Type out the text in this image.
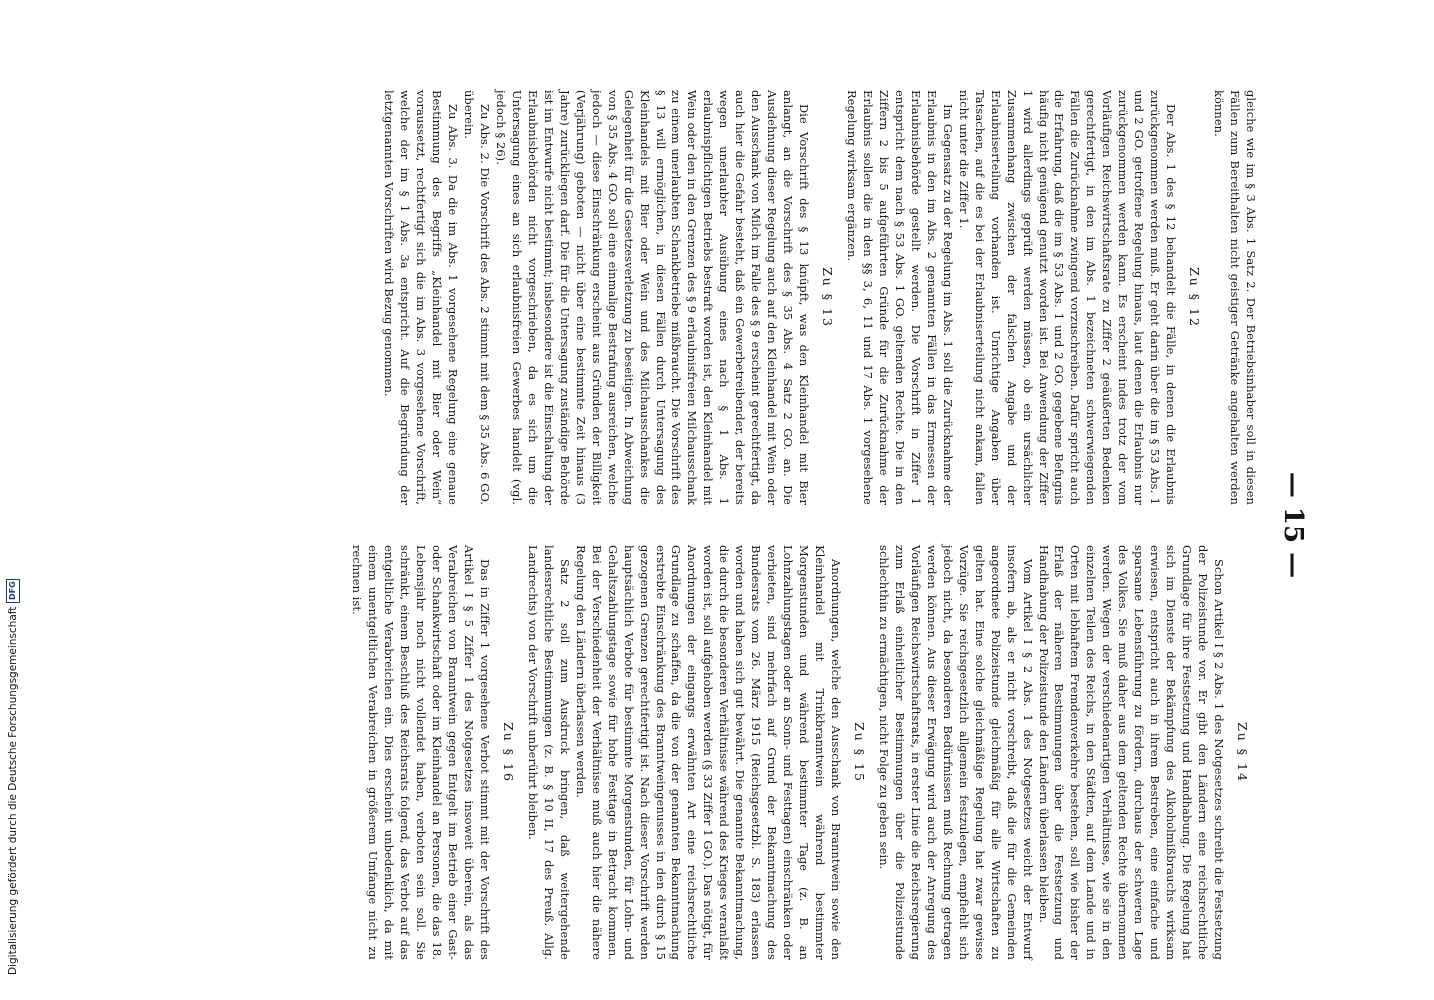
— 15 —

gleiche wie im § 3 Abs. 1 Satz 2. Der Betriebsinhaber soll in diesen Fällen zum Bereithalten nicht geistiger Getränke angehalten werden können.

Zu § 12

Der Abs. 1 des § 12 behandelt die Fälle, in denen die Erlaubnis zurückgenommen werden muß. Er geht darin über die im § 53 Abs. 1 und 2 GO. getroffene Regelung hinaus, laut denen die Erlaubnis nur zurückgenommen werden kann. Es erscheint indes trotz der vom Vorläufigen Reichswirtschaftsrate zu Ziffer 2 geäußerten Bedenken gerechtfertigt, in den im Abs. 1 bezeichneten schwerwiegenden Fällen die Zurücknahme zwingend vorzuschreiben. Dafür spricht auch die Erfahrung, daß die im § 53 Abs. 1 und 2 GO. gegebene Befugnis häufig nicht genügend genutzt worden ist. Bei Anwendung der Ziffer 1 wird allerdings geprüft werden müssen, ob ein ursächlicher Zusammenhang zwischen der falschen Angabe und der Erlaubniserteilung vorhanden ist. Unrichtige Angaben über Tatsachen, auf die es bei der Erlaubniserteilung nicht ankam, fallen nicht unter die Ziffer 1.

Im Gegensatz zu der Regelung im Abs. 1 soll die Zurücknahme der Erlaubnis in den im Abs. 2 genannten Fällen in das Ermessen der Erlaubnisbehörde gestellt werden. Die Vorschrift in Ziffer 1 entspricht dem nach § 53 Abs. 1 GO. geltenden Rechte. Die in den Ziffern 2 bis 5 aufgeführten Gründe für die Zurücknahme der Erlaubnis sollen die in den §§ 3, 6, 11 und 17 Abs. 1 vorgesehene Regelung wirksam ergänzen.

Zu § 13

Die Vorschrift des § 13 knüpft, was den Kleinhandel mit Bier anlangt, an die Vorschrift des § 35 Abs. 4 Satz 2 GO. an. Die Ausdehnung dieser Regelung auch auf den Kleinhandel mit Wein oder den Ausschank von Milch im Falle des § 9 erscheint gerechtfertigt, da auch hier die Gefahr besteht, daß ein Gewerbetreibender, der bereits wegen unerlaubter Ausübung eines nach § 1 Abs. 1 erlaubnispflichtigen Betriebs bestraft worden ist, den Kleinhandel mit Wein oder den in den Grenzen des § 9 erlaubnisfreien Milchausschank zu einem unerlaubten Schankbetriebe mißbraucht. Die Vorschrift des § 13 will ermöglichen, in diesen Fällen durch Untersagung des Kleinhandels mit Bier oder Wein und des Milchausschankes die Gelegenheit für die Gesetzesverletzung zu beseitigen. In Abweichung von § 35 Abs. 4 GO. soll eine einmalige Bestrafung ausreichen, welche jedoch — diese Einschränkung erscheint aus Gründen der Billigkeit (Verjährung) geboten — nicht über eine bestimmte Zeit hinaus (3 Jahre) zurückliegen darf. Die für die Untersagung zuständige Behörde ist im Entwurfe nicht bestimmt; insbesondere ist die Einschaltung der Erlaubnisbehörden nicht vorgeschrieben, da es sich um die Untersagung eines an sich erlaubnisfreien Gewerbes handelt (vgl. jedoch § 26).

Zu Abs. 2. Die Vorschrift des Abs. 2 stimmt mit dem § 35 Abs. 6 GO. überein.

Zu Abs. 3. Da die im Abs. 1 vorgesehene Regelung eine genaue Bestimmung des Begriffs „Kleinhandel mit Bier oder Wein“ voraussetzt, rechtfertigt sich die im Abs. 3 vorgesehene Vorschrift, welche der im § 1 Abs. 3a entspricht. Auf die Begründung der letztgenannten Vorschriften wird Bezug genommen.

Zu § 14

Schon Artikel I § 2 Abs. 1 des Notgesetzes schreibt die Festsetzung der Polizeistunde vor. Er gibt den Ländern eine reichsrechtliche Grundlage für ihre Festsetzung und Handhabung. Die Regelung hat sich im Dienste der Bekämpfung des Alkoholmißbrauchs wirksam erwiesen, entspricht auch in ihrem Bestreben, eine einfache und sparsame Lebensführung zu fördern, durchaus der schweren Lage des Volkes. Sie muß daher aus dem geltenden Rechte übernommen werden. Wegen der verschiedenartigen Verhältnisse, wie sie in den einzelnen Teilen des Reichs, in den Städten, auf dem Lande und in Orten mit lebhaftem Fremdenverkehre bestehen, soll wie bisher der Erlaß der näheren Bestimmungen über die Festsetzung und Handhabung der Polizeistunde den Ländern überlassen bleiben.

Vom Artikel I § 2 Abs. 1 des Notgesetzes weicht der Entwurf insofern ab, als er nicht vorschreibt, daß die für die Gemeinden angeordnete Polizeistunde gleichmäßig für alle Wirtschaften zu gelten hat. Eine solche gleichmäßige Regelung hat zwar gewisse Vorzüge. Sie reichsgesetzlich allgemein festzulegen, empfiehlt sich jedoch nicht, da besonderen Bedürfnissen muß Rechnung getragen werden können. Aus dieser Erwägung wird auch der Anregung des Vorläufigen Reichswirtschaftsrats, in erster Linie die Reichsregierung zum Erlaß einheitlicher Bestimmungen über die Polizeistunde schlechthin zu ermächtigen, nicht Folge zu geben sein.

Zu § 15

Anordnungen, welche den Ausschank von Branntwein sowie den Kleinhandel mit Trinkbranntwein während bestimmter Morgenstunden und während bestimmter Tage (z. B. an Lohnzahlungstagen oder an Sonn- und Festtagen) einschränken oder verbieten, sind mehrfach auf Grund der Bekanntmachung des Bundesrats vom 26. März 1915 (Reichsgesetzbl. S. 183) erlassen worden und haben sich gut bewährt. Die genannte Bekanntmachung, die durch die besonderen Verhältnisse während des Krieges veranlaßt worden ist, soll aufgehoben werden (§ 33 Ziffer 1 GO.). Das nötigt, für Anordnungen der eingangs erwähnten Art eine reichsrechtliche Grundlage zu schaffen, da die von der genannten Bekanntmachung erstrebte Einschränkung des Branntweingenusses in den durch § 15 gezogenen Grenzen gerechtfertigt ist. Nach dieser Vorschrift werden hauptsächlich Verbote für bestimmte Morgenstunden, für Lohn- und Gehaltszahlungstage sowie für hohe Festtage in Betracht kommen. Bei der Verschiedenheit der Verhältnisse muß auch hier die nähere Regelung den Ländern überlassen werden.

Satz 2 soll zum Ausdruck bringen, daß weitergehende landesrechtliche Bestimmungen (z. B. § 10 II, 17 des Preuß. Allg. Landrechts) von der Vorschrift unberührt bleiben.

Zu § 16

Das in Ziffer 1 vorgesehene Verbot stimmt mit der Vorschrift des Artikel I § 5 Ziffer 1 des Notgesetzes insoweit überein, als das Verabreichen von Branntwein gegen Entgelt im Betrieb einer Gast- oder Schankwirtschaft oder im Kleinhandel an Personen, die das 18. Lebensjahr noch nicht vollendet haben, verboten sein soll. Sie schränkt, einem Beschluß des Reichsrats folgend, das Verbot auf das entgeltliche Verabreichen ein. Dies erscheint unbedenklich, da mit einem unentgeltlichen Verabreichen in größerem Umfange nicht zu rechnen ist.

Digitalisierung gefördert durch die Deutsche Forschungsgemeinschaft
DFG
